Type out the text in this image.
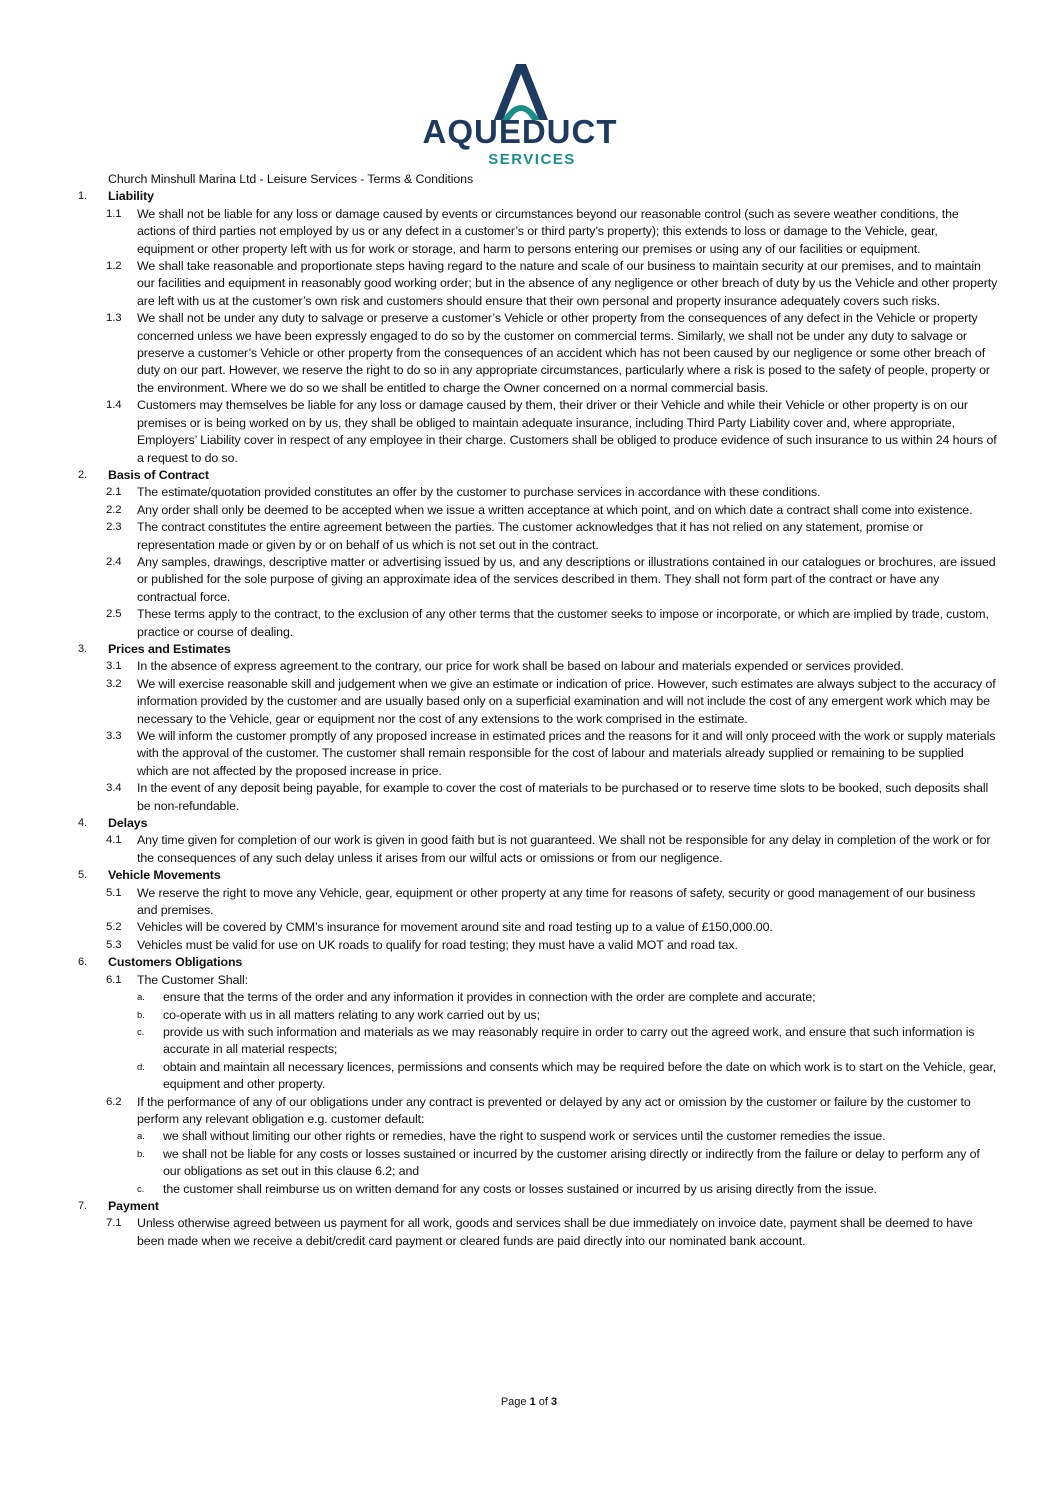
AQUEDUCT
SERVICES
Church Minshull Marina Ltd - Leisure Services - Terms & Conditions
1.	Liability
1.1	We shall not be liable for any loss or damage caused by events or circumstances beyond our reasonable control (such as severe weather conditions, the actions of third parties not employed by us or any defect in a customer’s or third party’s property); this extends to loss or damage to the Vehicle, gear, equipment or other property left with us for work or storage, and harm to persons entering our premises or using any of our facilities or equipment.
1.2	We shall take reasonable and proportionate steps having regard to the nature and scale of our business to maintain security at our premises, and to maintain our facilities and equipment in reasonably good working order; but in the absence of any negligence or other breach of duty by us the Vehicle and other property are left with us at the customer’s own risk and customers should ensure that their own personal and property insurance adequately covers such risks.
1.3	We shall not be under any duty to salvage or preserve a customer’s Vehicle or other property from the consequences of any defect in the Vehicle or property concerned unless we have been expressly engaged to do so by the customer on commercial terms. Similarly, we shall not be under any duty to salvage or preserve a customer’s Vehicle or other property from the consequences of an accident which has not been caused by our negligence or some other breach of duty on our part. However, we reserve the right to do so in any appropriate circumstances, particularly where a risk is posed to the safety of people, property or the environment. Where we do so we shall be entitled to charge the Owner concerned on a normal commercial basis.
1.4	Customers may themselves be liable for any loss or damage caused by them, their driver or their Vehicle and while their Vehicle or other property is on our premises or is being worked on by us, they shall be obliged to maintain adequate insurance, including Third Party Liability cover and, where appropriate, Employers’ Liability cover in respect of any employee in their charge. Customers shall be obliged to produce evidence of such insurance to us within 24 hours of a request to do so.
2.	Basis of Contract
2.1	The estimate/quotation provided constitutes an offer by the customer to purchase services in accordance with these conditions.
2.2	Any order shall only be deemed to be accepted when we issue a written acceptance at which point, and on which date a contract shall come into existence.
2.3	The contract constitutes the entire agreement between the parties. The customer acknowledges that it has not relied on any statement, promise or representation made or given by or on behalf of us which is not set out in the contract.
2.4	Any samples, drawings, descriptive matter or advertising issued by us, and any descriptions or illustrations contained in our catalogues or brochures, are issued or published for the sole purpose of giving an approximate idea of the services described in them. They shall not form part of the contract or have any contractual force.
2.5	These terms apply to the contract, to the exclusion of any other terms that the customer seeks to impose or incorporate, or which are implied by trade, custom, practice or course of dealing.
3.	Prices and Estimates
3.1	In the absence of express agreement to the contrary, our price for work shall be based on labour and materials expended or services provided.
3.2	We will exercise reasonable skill and judgement when we give an estimate or indication of price. However, such estimates are always subject to the accuracy of information provided by the customer and are usually based only on a superficial examination and will not include the cost of any emergent work which may be necessary to the Vehicle, gear or equipment nor the cost of any extensions to the work comprised in the estimate.
3.3	We will inform the customer promptly of any proposed increase in estimated prices and the reasons for it and will only proceed with the work or supply materials with the approval of the customer. The customer shall remain responsible for the cost of labour and materials already supplied or remaining to be supplied which are not affected by the proposed increase in price.
3.4	In the event of any deposit being payable, for example to cover the cost of materials to be purchased or to reserve time slots to be booked, such deposits shall be non-refundable.
4.	Delays
4.1	Any time given for completion of our work is given in good faith but is not guaranteed. We shall not be responsible for any delay in completion of the work or for the consequences of any such delay unless it arises from our wilful acts or omissions or from our negligence.
5.	Vehicle Movements
5.1	We reserve the right to move any Vehicle, gear, equipment or other property at any time for reasons of safety, security or good management of our business and premises.
5.2	Vehicles will be covered by CMM’s insurance for movement around site and road testing up to a value of £150,000.00.
5.3	Vehicles must be valid for use on UK roads to qualify for road testing; they must have a valid MOT and road tax.
6.	Customers Obligations
6.1	The Customer Shall:
a.	ensure that the terms of the order and any information it provides in connection with the order are complete and accurate;
b.	co-operate with us in all matters relating to any work carried out by us;
c.	provide us with such information and materials as we may reasonably require in order to carry out the agreed work, and ensure that such information is accurate in all material respects;
d.	obtain and maintain all necessary licences, permissions and consents which may be required before the date on which work is to start on the Vehicle, gear, equipment and other property.
6.2	If the performance of any of our obligations under any contract is prevented or delayed by any act or omission by the customer or failure by the customer to perform any relevant obligation e.g. customer default:
a.	we shall without limiting our other rights or remedies, have the right to suspend work or services until the customer remedies the issue.
b.	we shall not be liable for any costs or losses sustained or incurred by the customer arising directly or indirectly from the failure or delay to perform any of our obligations as set out in this clause 6.2; and
c.	the customer shall reimburse us on written demand for any costs or losses sustained or incurred by us arising directly from the issue.
7.	Payment
7.1	Unless otherwise agreed between us payment for all work, goods and services shall be due immediately on invoice date, payment shall be deemed to have been made when we receive a debit/credit card payment or cleared funds are paid directly into our nominated bank account.
Page 1 of 3
